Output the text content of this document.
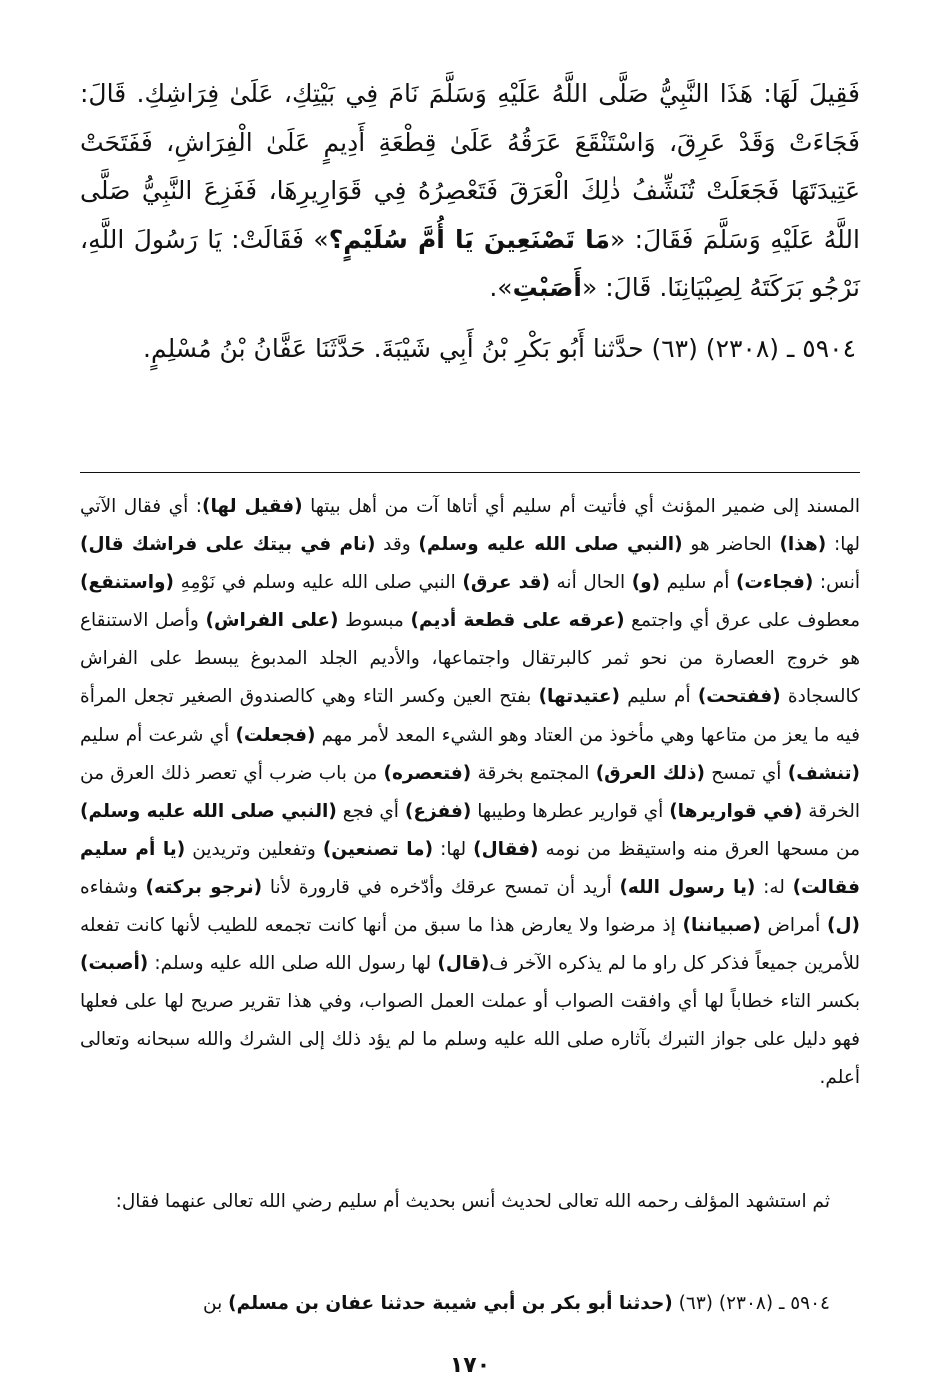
فَقِيلَ لَهَا: هَذَا النَّبِيُّ صَلَّى اللَّهُ عَلَيْهِ وَسَلَّمَ نَامَ فِي بَيْتِكِ، عَلَىٰ فِرَاشِكِ. قَالَ: فَجَاءَتْ وَقَدْ عَرِقَ، وَاسْتَنْقَعَ عَرَقُهُ عَلَىٰ قِطْعَةِ أَدِيمٍ عَلَىٰ الْفِرَاشِ، فَفَتَحَتْ عَتِيدَتَهَا فَجَعَلَتْ تُنَشِّفُ ذٰلِكَ الْعَرَقَ فَتَعْصِرُهُ فِي قَوَارِيرِهَا، فَفَزِعَ النَّبِيُّ صَلَّى اللَّهُ عَلَيْهِ وَسَلَّمَ فَقَالَ: «مَا تَصْنَعِينَ يَا أُمَّ سُلَيْمٍ؟» فَقَالَتْ: يَا رَسُولَ اللَّهِ، نَرْجُو بَرَكَتَهُ لِصِبْيَانِنَا. قَالَ: «أَصَبْتِ».

٥٩٠٤ ـ (٢٣٠٨) (٦٣) حدَّثنا أَبُو بَكْرِ بْنُ أَبِي شَيْبَةَ. حَدَّثَنَا عَفَّانُ بْنُ مُسْلِمٍ.

المسند إلى ضمير المؤنث أي فأتيت أم سليم أي أتاها آت من أهل بيتها (فقيل لها): أي فقال الآتي لها: (هذا) الحاضر هو (النبي صلى الله عليه وسلم) وقد (نام في بيتك على فراشك قال) أنس: (فجاءت) أم سليم (و) الحال أنه (قد عرق) النبي صلى الله عليه وسلم في نَوْمِهِ (واستنقع) معطوف على عرق أي واجتمع (عرقه على قطعة أديم) مبسوط (على الفراش) وأصل الاستنقاع هو خروج العصارة من نحو ثمر كالبرتقال واجتماعها، والأديم الجلد المدبوغ يبسط على الفراش كالسجادة (ففتحت) أم سليم (عتيدتها) بفتح العين وكسر التاء وهي كالصندوق الصغير تجعل المرأة فيه ما يعز من متاعها وهي مأخوذ من العتاد وهو الشيء المعد لأمر مهم (فجعلت) أي شرعت أم سليم (تنشف) أي تمسح (ذلك العرق) المجتمع بخرقة (فتعصره) من باب ضرب أي تعصر ذلك العرق من الخرقة (في قواريرها) أي قوارير عطرها وطيبها (ففزع) أي فجع (النبي صلى الله عليه وسلم) من مسحها العرق منه واستيقظ من نومه (فقال) لها: (ما تصنعين) وتفعلين وتريدين (يا أم سليم فقالت) له: (يا رسول الله) أريد أن تمسح عرقك وأدّخره في قارورة لأنا (نرجو بركته) وشفاءه (ل) أمراض (صبياننا) إذ مرضوا ولا يعارض هذا ما سبق من أنها كانت تجمعه للطيب لأنها كانت تفعله للأمرين جميعاً فذكر كل راو ما لم يذكره الآخر ف(قال) لها رسول الله صلى الله عليه وسلم: (أصبت) بكسر التاء خطاباً لها أي وافقت الصواب أو عملت العمل الصواب، وفي هذا تقرير صريح لها على فعلها فهو دليل على جواز التبرك بآثاره صلى الله عليه وسلم ما لم يؤد ذلك إلى الشرك والله سبحانه وتعالى أعلم.

ثم استشهد المؤلف رحمه الله تعالى لحديث أنس بحديث أم سليم رضي الله تعالى عنهما فقال:

٥٩٠٤ ـ (٢٣٠٨) (٦٣) (حدثنا أبو بكر بن أبي شيبة حدثنا عفان بن مسلم) بن

١٧٠
